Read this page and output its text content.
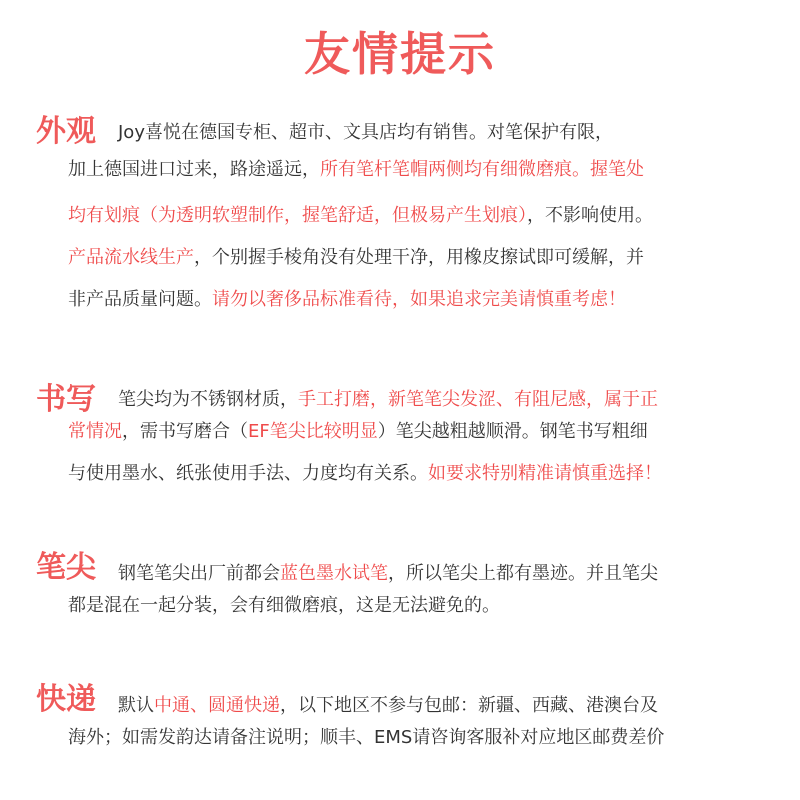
友情提示
外观 Joy喜悦在德国专柜、超市、文具店均有销售。对笔保护有限，
加上德国进口过来，路途遥远，所有笔杆笔帽两侧均有细微磨痕。握笔处
均有划痕（为透明软塑制作，握笔舒适，但极易产生划痕），不影响使用。
产品流水线生产，个别握手棱角没有处理干净，用橡皮擦试即可缓解，并
非产品质量问题。请勿以奢侈品标准看待，如果追求完美请慎重考虑！
书写 笔尖均为不锈钢材质，手工打磨，新笔笔尖发涩、有阻尼感，属于正
常情况，需书写磨合（EF笔尖比较明显）笔尖越粗越顺滑。钢笔书写粗细
与使用墨水、纸张使用手法、力度均有关系。如要求特别精准请慎重选择！
笔尖 钢笔笔尖出厂前都会蓝色墨水试笔，所以笔尖上都有墨迹。并且笔尖
都是混在一起分装，会有细微磨痕，这是无法避免的。
快递 默认中通、圆通快递，以下地区不参与包邮：新疆、西藏、港澳台及
海外；如需发韵达请备注说明；顺丰、EMS请咨询客服补对应地区邮费差价
